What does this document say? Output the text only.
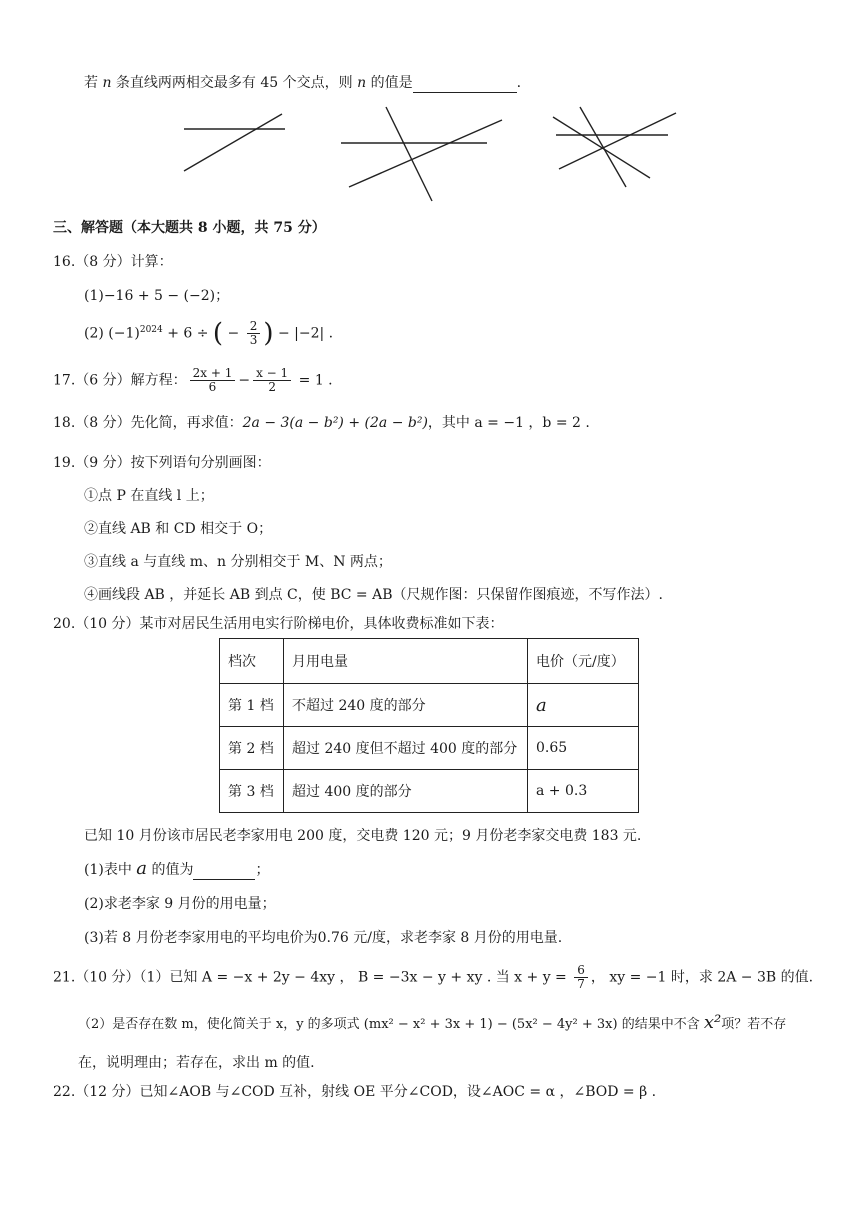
若 n 条直线两两相交最多有 45 个交点，则 n 的值是	.
三、解答题（本大题共 8 小题，共 75 分）
16.（8 分）计算：
(1)−16 + 5 − (−2)；
(2) $(-1)^{2024} + 6$ ÷ ( − $\frac{2}{3}$ ) − |−2| .
17.（6 分）解方程： $\frac{2x + 1}{6} - \frac{x - 1}{2} = 1$ .
18.（8 分）先化简，再求值：2a − 3(a − b²) + (2a − b²)，其中 a = −1 ，b = 2 .
19.（9 分）按下列语句分别画图：
①点 P 在直线 l 上；
②直线 AB 和 CD 相交于 O；
③直线 a 与直线 m、n 分别相交于 M、N 两点；
④画线段 AB ，并延长 AB 到点 C，使 BC = AB（尺规作图：只保留作图痕迹，不写作法）.
20.（10 分）某市对居民生活用电实行阶梯电价，具体收费标准如下表：
档次	月用电量	电价（元/度）
第 1 档	不超过 240 度的部分	a
第 2 档	超过 240 度但不超过 400 度的部分	0.65
第 3 档	超过 400 度的部分	a + 0.3
已知 10 月份该市居民老李家用电 200 度，交电费 120 元；9 月份老李家交电费 183 元.
(1)表中 a 的值为	；
(2)求老李家 9 月份的用电量；
(3)若 8 月份老李家用电的平均电价为0.76 元/度，求老李家 8 月份的用电量.
21.（10 分）（1）已知 A = −x + 2y − 4xy ， B = −3x − y + xy . 当 $x + y = \frac{6}{7}$ ， xy = −1 时，求 2A − 3B 的值.
（2）是否存在数 m，使化简关于 x，y 的多项式 (mx² − x² + 3x + 1) − (5x² − 4y² + 3x) 的结果中不含 x²项？若不存
在，说明理由；若存在，求出 m 的值.
22.（12 分）已知∠AOB 与∠COD 互补，射线 OE 平分∠COD，设∠AOC = α ，∠BOD = β .
